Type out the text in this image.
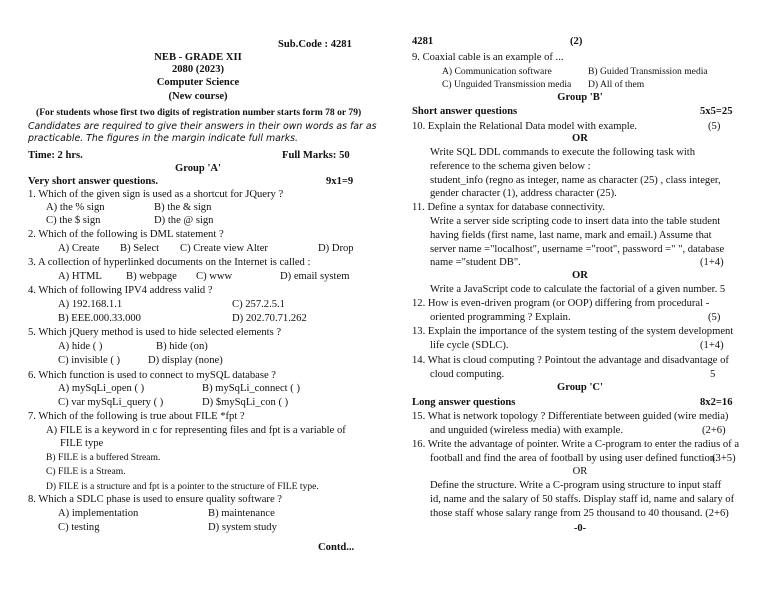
Sub.Code : 4281
NEB - GRADE XII
2080 (2023)
Computer Science
(New course)
(For students whose first two digits of registration number starts form 78 or 79)
Candidates are required to give their answers in their own words as far as
practicable. The figures in the margin indicate full marks.
Time: 2 hrs.	Full Marks: 50
Group 'A'
Very short answer questions.	9x1=9
1. Which of the given sign is used as a shortcut for JQuery ?
A) the % sign	B) the & sign
C) the $ sign	D) the @ sign
2. Which of the following is DML statement ?
A) Create B) Select C) Create view Alter	D) Drop
3. A collection of hyperlinked documents on the Internet is called :
A) HTML B) webpage C) www	D) email system
4. Which of following IPV4 address valid ?
A) 192.168.1.1	C) 257.2.5.1
B) EEE.000.33.000	D) 202.70.71.262
5. Which jQuery method is used to hide selected elements ?
A) hide ( )	B) hide (on)
C) invisible ( )	D) display (none)
6. Which function is used to connect to mySQL database ?
A) mySqLi_open ( )	B) mySqLi_connect ( )
C) var mySqLi_query ( )	D) $mySqLi_con ( )
7. Which of the following is true about FILE *fpt ?
A) FILE is a keyword in c for representing files and fpt is a variable of
FILE type
B) FILE is a buffered Stream.
C) FILE is a Stream.
D) FILE is a structure and fpt is a pointer to the structure of FILE type.
8. Which a SDLC phase is used to ensure quality software ?
A) implementation	B) maintenance
C) testing	D) system study
Contd...
4281	(2)
9. Coaxial cable is an example of ...
A) Communication software	B) Guided Transmission media
C) Unguided Transmission media D) All of them
Group 'B'
Short answer questions	5x5=25
10. Explain the Relational Data model with example.	(5)
OR
Write SQL DDL commands to execute the following task with
reference to the schema given below :
student_info (regno as integer, name as character (25) , class integer,
gender character (1), address character (25).
11. Define a syntax for database connectivity.
Write a server side scripting code to insert data into the table student
having fields (first name, last name, mark and email.) Assume that
server name ="localhost", username ="root", password =" ", database
name ="student DB".	(1+4)
OR
Write a JavaScript code to calculate the factorial of a given number. 5
12. How is even-driven program (or OOP) differing from procedural -
oriented programming ? Explain.	(5)
13. Explain the importance of the system testing of the system development
life cycle (SDLC).	(1+4)
14. What is cloud computing ? Pointout the advantage and disadvantage of
cloud computing.	5
Group 'C'
Long answer questions	8x2=16
15. What is network topology ? Differentiate between guided (wire media)
and unguided (wireless media) with example.	(2+6)
16. Write the advantage of pointer. Write a C-program to enter the radius of a
football and find the area of football by using user defined function.
(3+5)
OR
Define the structure. Write a C-program using structure to input staff
id, name and the salary of 50 staffs. Display staff id, name and salary of
those staff whose salary range from 25 thousand to 40 thousand. (2+6)
-0-
